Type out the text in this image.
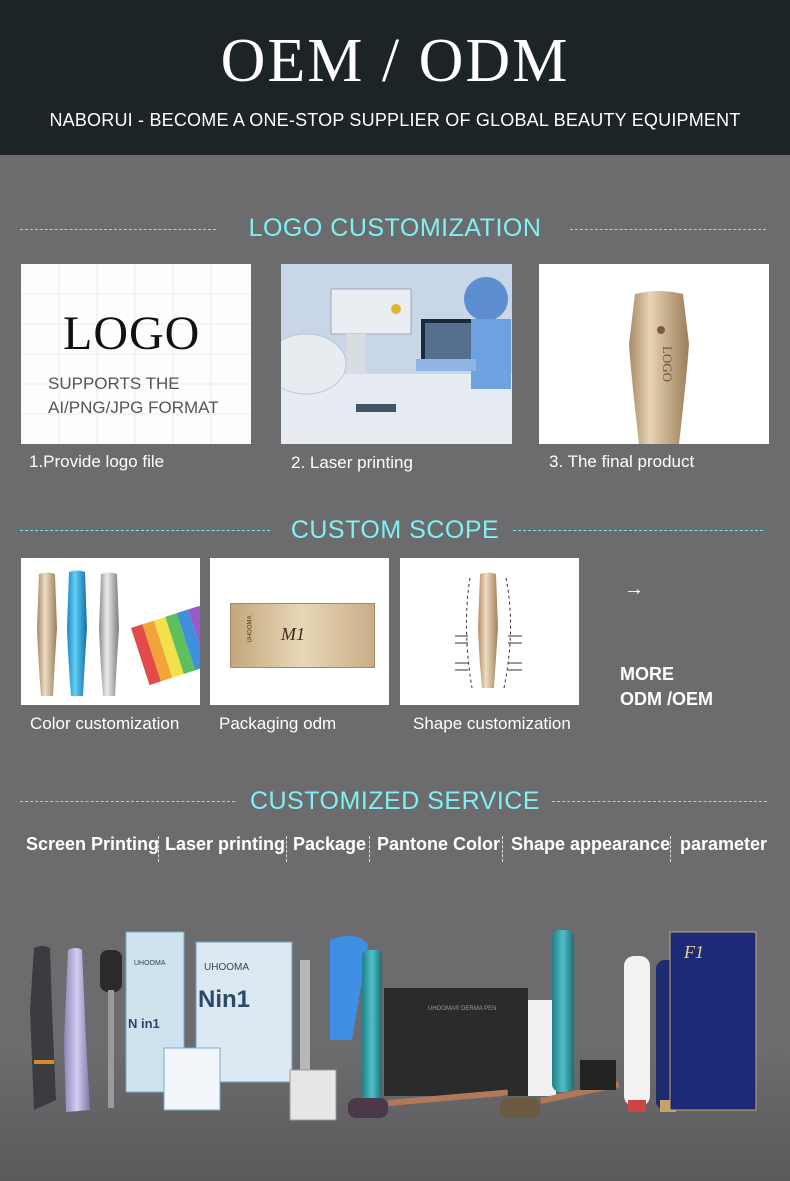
OEM / ODM
NABORUI - BECOME A ONE-STOP SUPPLIER OF GLOBAL BEAUTY EQUIPMENT
LOGO CUSTOMIZATION
LOGO
SUPPORTS THE
AI/PNG/JPG FORMAT
LOGO
1.Provide logo file	2. Laser printing	3. The final product
CUSTOM SCOPE
UHOOMA M1
→
MORE
ODM /OEM
Color customization Packaging odm	Shape customization
CUSTOMIZED SERVICE
Screen Printing Laser printing Package Pantone Color Shape appearance parameter
UHOOMA
N in1
UHOOMA
Nin1	UHOOMA® DERMA PEN
F1
